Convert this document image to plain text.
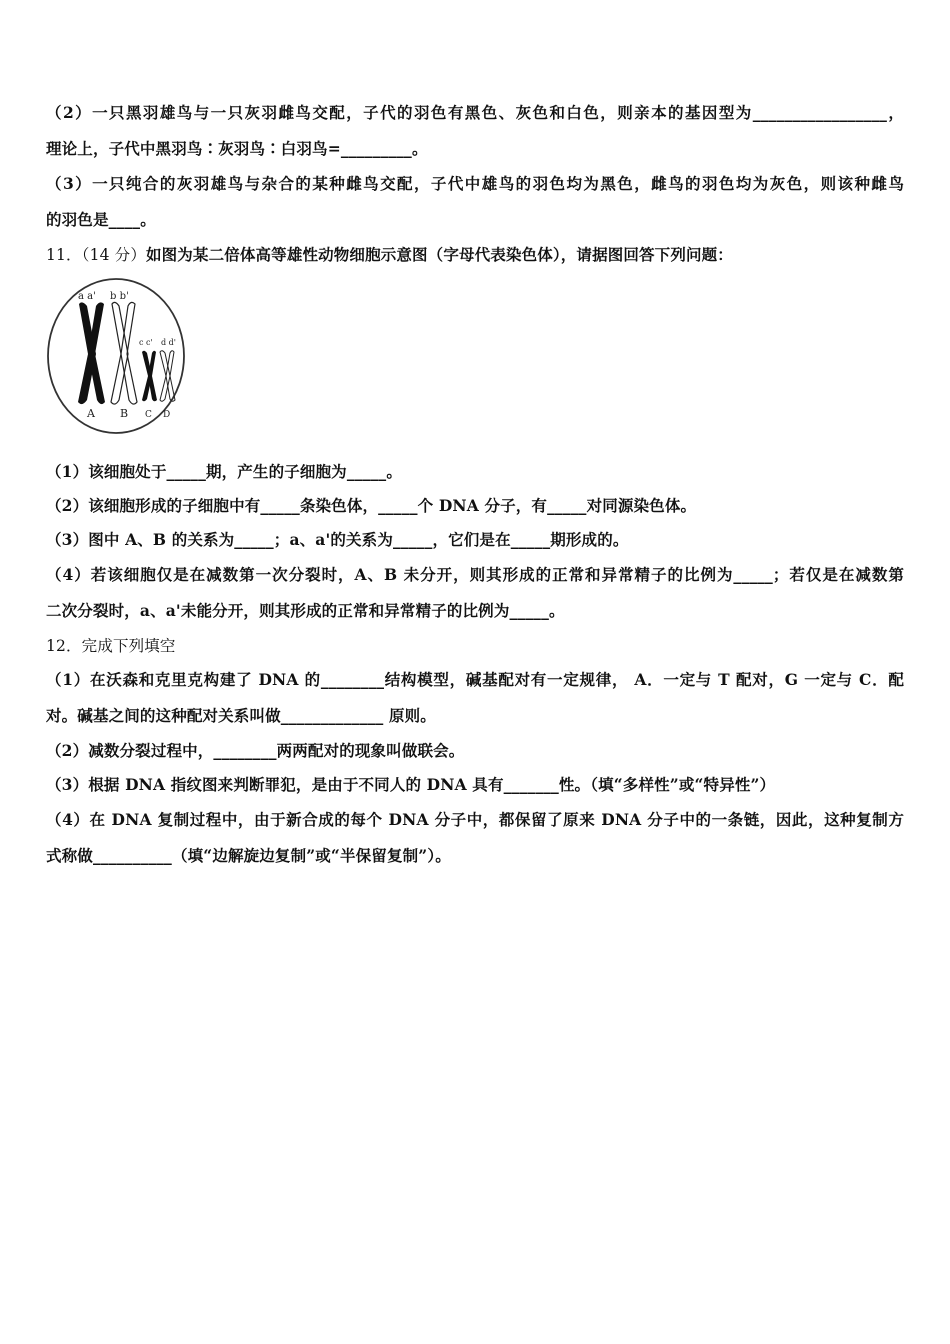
（2）一只黑羽雄鸟与一只灰羽雌鸟交配，子代的羽色有黑色、灰色和白色，则亲本的基因型为_________________，
理论上，子代中黑羽鸟∶灰羽鸟∶白羽鸟=_________。
（3）一只纯合的灰羽雄鸟与杂合的某种雌鸟交配，子代中雄鸟的羽色均为黑色，雌鸟的羽色均为灰色，则该种雌鸟
的羽色是____。
11．（14 分）如图为某二倍体高等雄性动物细胞示意图（字母代表染色体），请据图回答下列问题：
a a' b b'
c c' d d'
A B C D
（1）该细胞处于_____期，产生的子细胞为_____。
（2）该细胞形成的子细胞中有_____条染色体，_____个 DNA 分子，有_____对同源染色体。
（3）图中 A、B 的关系为_____；a、a'的关系为_____，它们是在_____期形成的。
（4）若该细胞仅是在减数第一次分裂时，A、B 未分开，则其形成的正常和异常精子的比例为_____；若仅是在减数第
二次分裂时，a、a'未能分开，则其形成的正常和异常精子的比例为_____。
12．完成下列填空
（1）在沃森和克里克构建了 DNA 的________结构模型，碱基配对有一定规律， A．一定与 T 配对，G 一定与 C．配
对。碱基之间的这种配对关系叫做_____________ 原则。
（2）减数分裂过程中，________两两配对的现象叫做联会。
（3）根据 DNA 指纹图来判断罪犯，是由于不同人的 DNA 具有_______性。（填“多样性”或“特异性”）
（4）在 DNA 复制过程中，由于新合成的每个 DNA 分子中，都保留了原来 DNA 分子中的一条链，因此，这种复制方
式称做__________（填“边解旋边复制”或“半保留复制”）。
